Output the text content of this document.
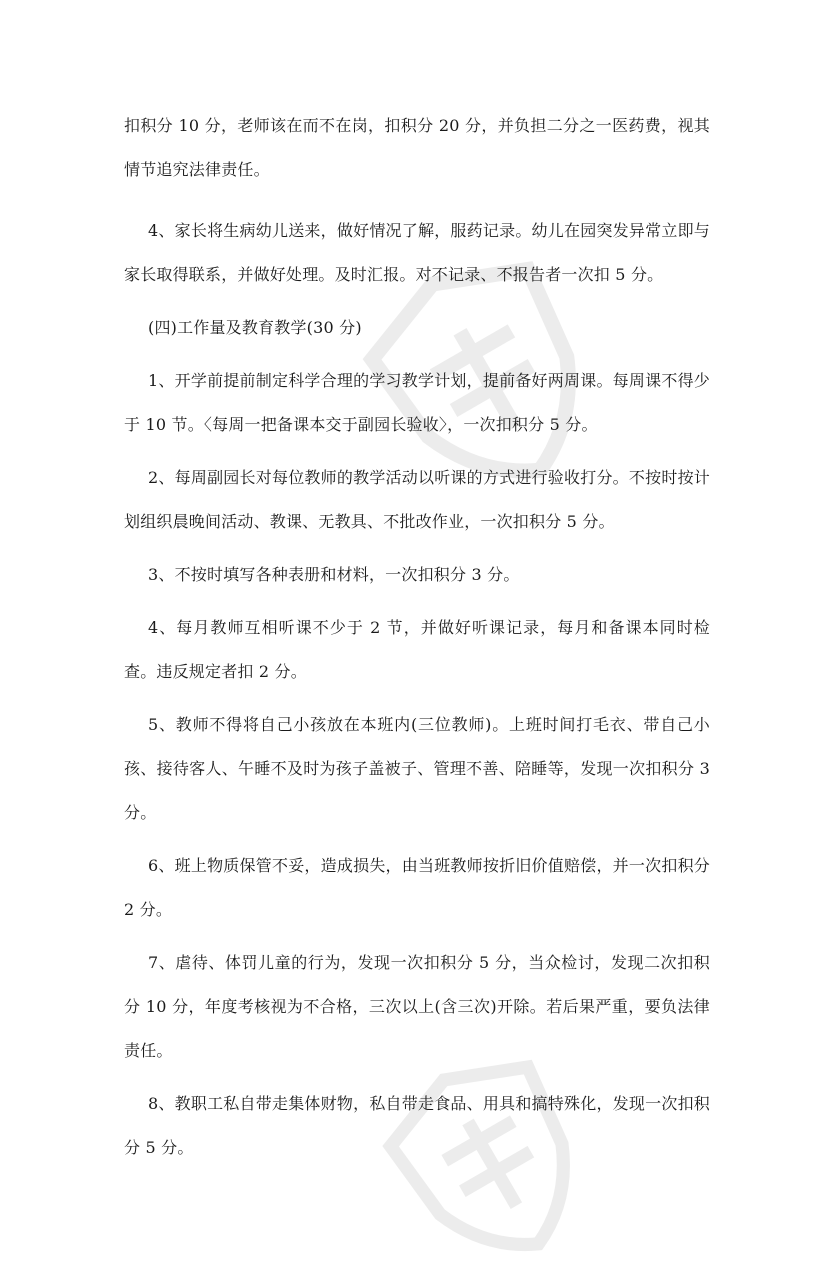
扣积分 10 分，老师该在而不在岗，扣积分 20 分，并负担二分之一医药费，视其情节追究法律责任。

4、家长将生病幼儿送来，做好情况了解，服药记录。幼儿在园突发异常立即与家长取得联系，并做好处理。及时汇报。对不记录、不报告者一次扣 5 分。

(四)工作量及教育教学(30 分)

1、开学前提前制定科学合理的学习教学计划，提前备好两周课。每周课不得少于 10 节。〈每周一把备课本交于副园长验收〉，一次扣积分 5 分。

2、每周副园长对每位教师的教学活动以听课的方式进行验收打分。不按时按计划组织晨晚间活动、教课、无教具、不批改作业，一次扣积分 5 分。

3、不按时填写各种表册和材料，一次扣积分 3 分。

4、每月教师互相听课不少于 2 节，并做好听课记录，每月和备课本同时检查。违反规定者扣 2 分。

5、教师不得将自己小孩放在本班内(三位教师)。上班时间打毛衣、带自己小孩、接待客人、午睡不及时为孩子盖被子、管理不善、陪睡等，发现一次扣积分 3 分。

6、班上物质保管不妥，造成损失，由当班教师按折旧价值赔偿，并一次扣积分 2 分。

7、虐待、体罚儿童的行为，发现一次扣积分 5 分，当众检讨，发现二次扣积分 10 分，年度考核视为不合格，三次以上(含三次)开除。若后果严重，要负法律责任。

8、教职工私自带走集体财物，私自带走食品、用具和搞特殊化，发现一次扣积分 5 分。
